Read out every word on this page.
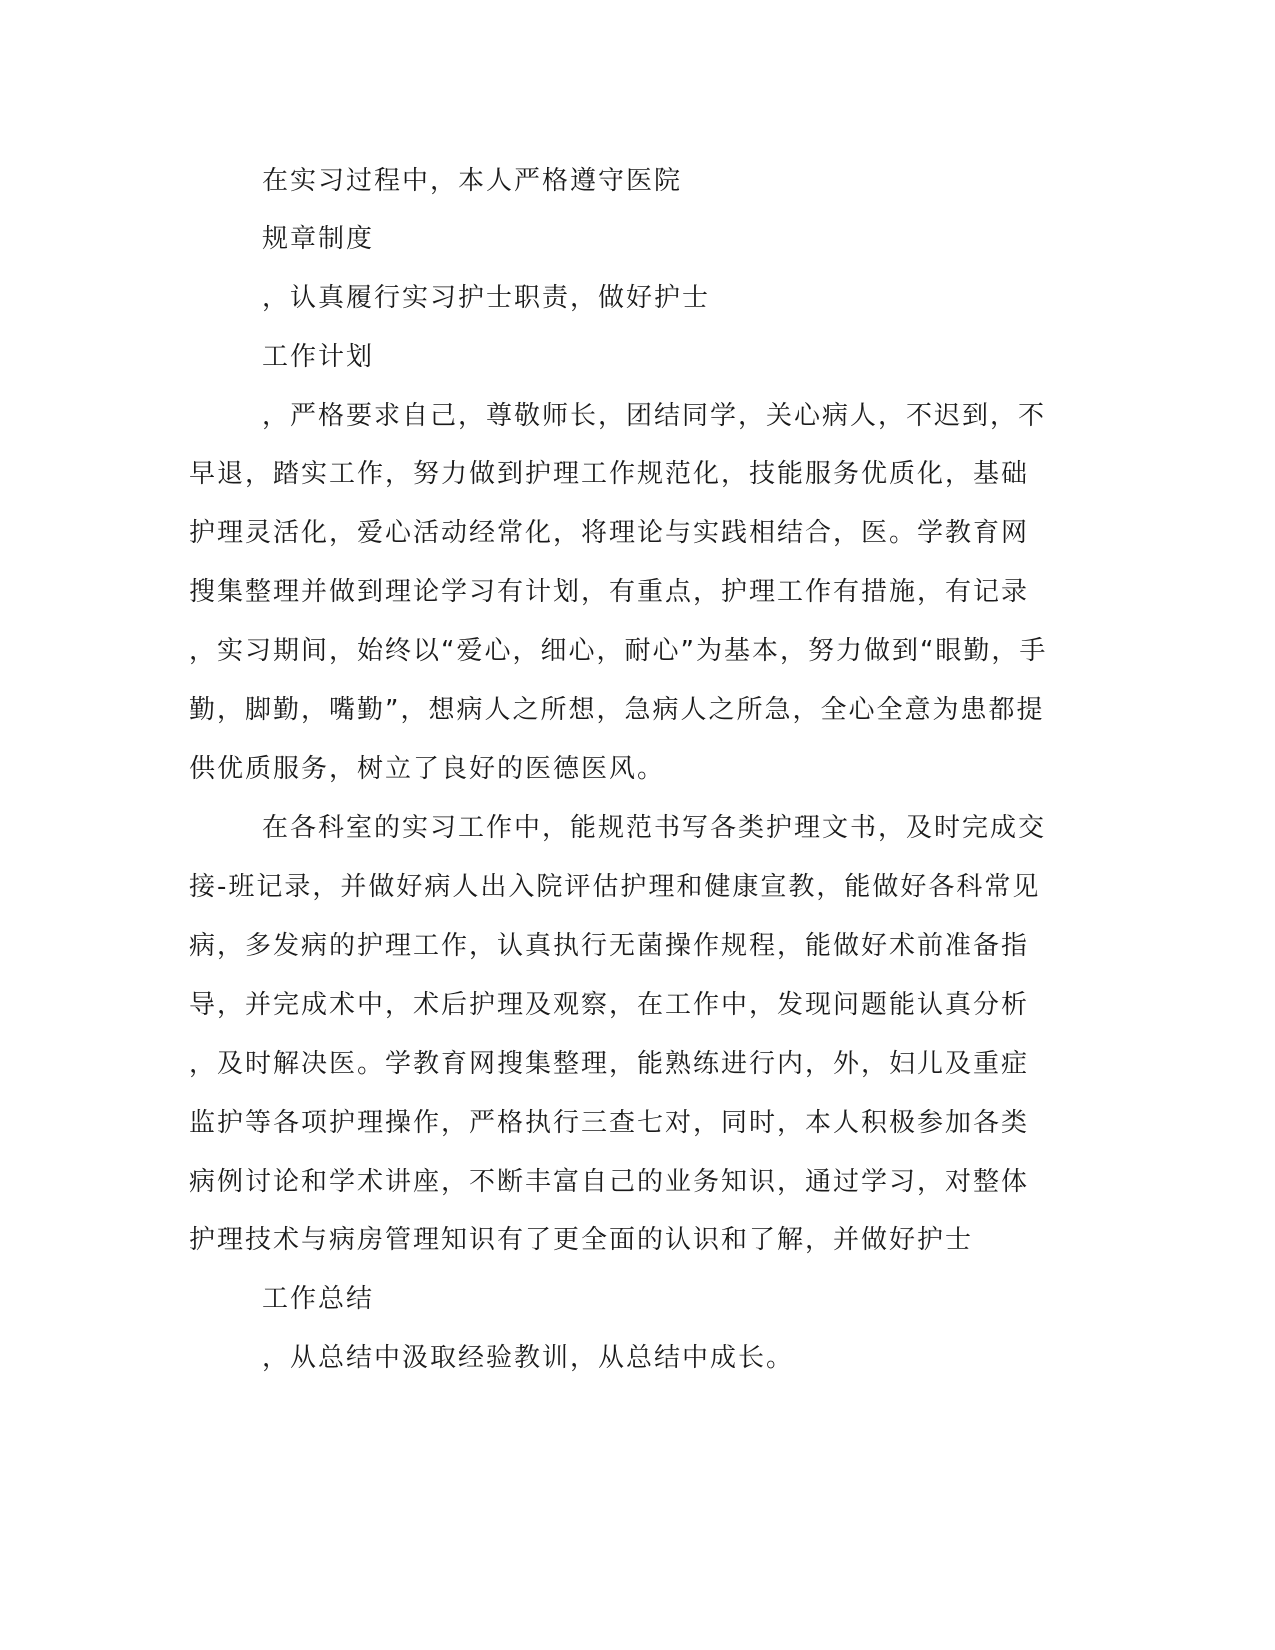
在实习过程中，本人严格遵守医院

规章制度

，认真履行实习护士职责，做好护士

工作计划

，严格要求自己，尊敬师长，团结同学，关心病人，不迟到，不

早退，踏实工作，努力做到护理工作规范化，技能服务优质化，基础

护理灵活化，爱心活动经常化，将理论与实践相结合，医。学教育网

搜集整理并做到理论学习有计划，有重点，护理工作有措施，有记录

，实习期间，始终以“爱心，细心，耐心”为基本，努力做到“眼勤，手

勤，脚勤，嘴勤”，想病人之所想，急病人之所急，全心全意为患都提

供优质服务，树立了良好的医德医风。

在各科室的实习工作中，能规范书写各类护理文书，及时完成交

接-班记录，并做好病人出入院评估护理和健康宣教，能做好各科常见

病，多发病的护理工作，认真执行无菌操作规程，能做好术前准备指

导，并完成术中，术后护理及观察，在工作中，发现问题能认真分析

，及时解决医。学教育网搜集整理，能熟练进行内，外，妇儿及重症

监护等各项护理操作，严格执行三查七对，同时，本人积极参加各类

病例讨论和学术讲座，不断丰富自己的业务知识，通过学习，对整体

护理技术与病房管理知识有了更全面的认识和了解，并做好护士

工作总结

，从总结中汲取经验教训，从总结中成长。
